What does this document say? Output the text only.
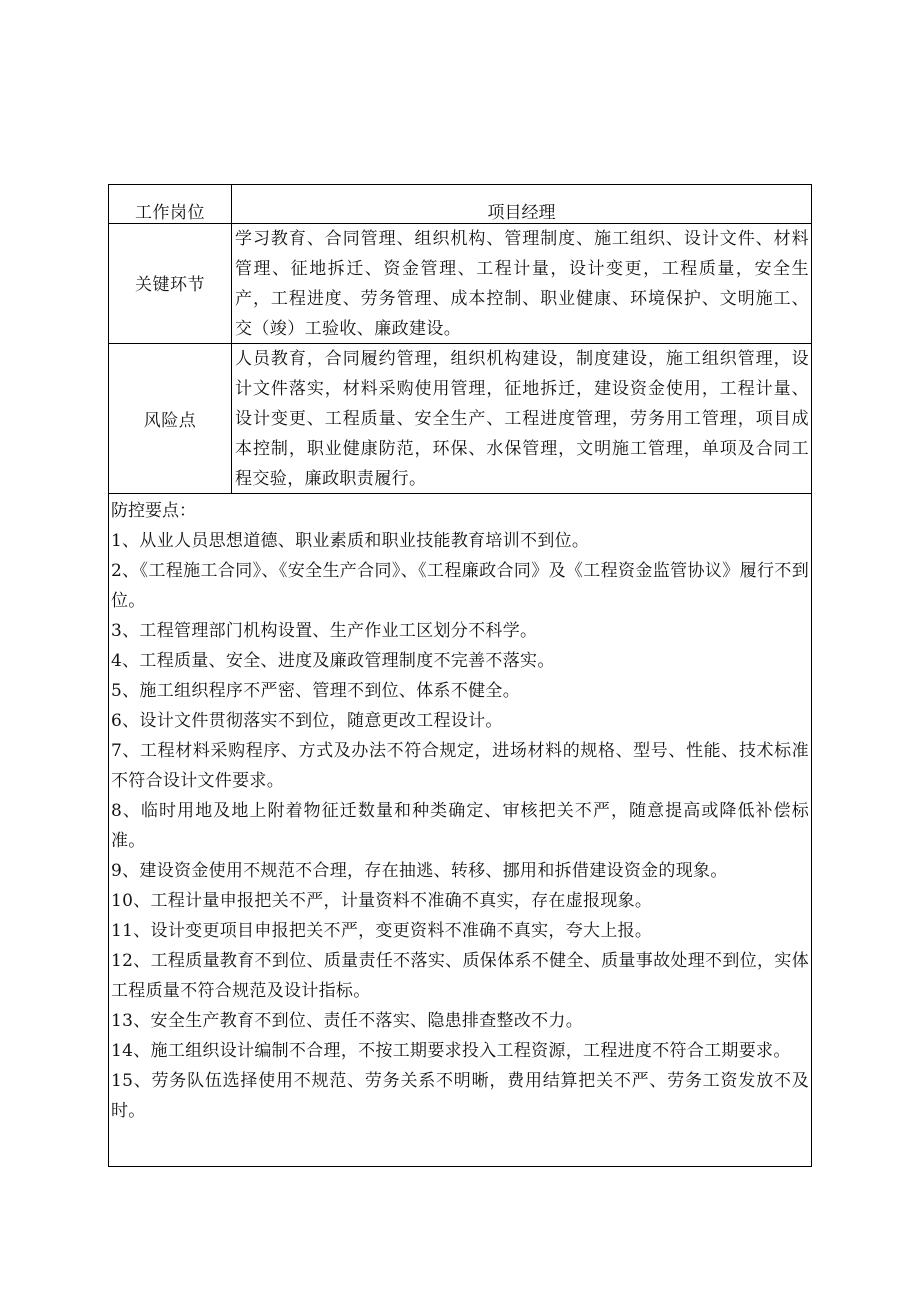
工作岗位	项目经理
关键环节
学习教育、合同管理、组织机构、管理制度、施工组织、设计文件、材料管理、征地拆迁、资金管理、工程计量，设计变更，工程质量，安全生产，工程进度、劳务管理、成本控制、职业健康、环境保护、文明施工、交（竣）工验收、廉政建设。
风险点
人员教育，合同履约管理，组织机构建设，制度建设，施工组织管理，设计文件落实，材料采购使用管理，征地拆迁，建设资金使用，工程计量、设计变更、工程质量、安全生产、工程进度管理，劳务用工管理，项目成本控制，职业健康防范，环保、水保管理，文明施工管理，单项及合同工程交验，廉政职责履行。
防控要点：
1、从业人员思想道德、职业素质和职业技能教育培训不到位。
2、《工程施工合同》、《安全生产合同》、《工程廉政合同》及《工程资金监管协议》履行不到位。
3、工程管理部门机构设置、生产作业工区划分不科学。
4、工程质量、安全、进度及廉政管理制度不完善不落实。
5、施工组织程序不严密、管理不到位、体系不健全。
6、设计文件贯彻落实不到位，随意更改工程设计。
7、工程材料采购程序、方式及办法不符合规定，进场材料的规格、型号、性能、技术标准不符合设计文件要求。
8、临时用地及地上附着物征迁数量和种类确定、审核把关不严，随意提高或降低补偿标准。
9、建设资金使用不规范不合理，存在抽逃、转移、挪用和拆借建设资金的现象。
10、工程计量申报把关不严，计量资料不准确不真实，存在虚报现象。
11、设计变更项目申报把关不严，变更资料不准确不真实，夸大上报。
12、工程质量教育不到位、质量责任不落实、质保体系不健全、质量事故处理不到位，实体工程质量不符合规范及设计指标。
13、安全生产教育不到位、责任不落实、隐患排查整改不力。
14、施工组织设计编制不合理，不按工期要求投入工程资源，工程进度不符合工期要求。
15、劳务队伍选择使用不规范、劳务关系不明晰，费用结算把关不严、劳务工资发放不及时。
